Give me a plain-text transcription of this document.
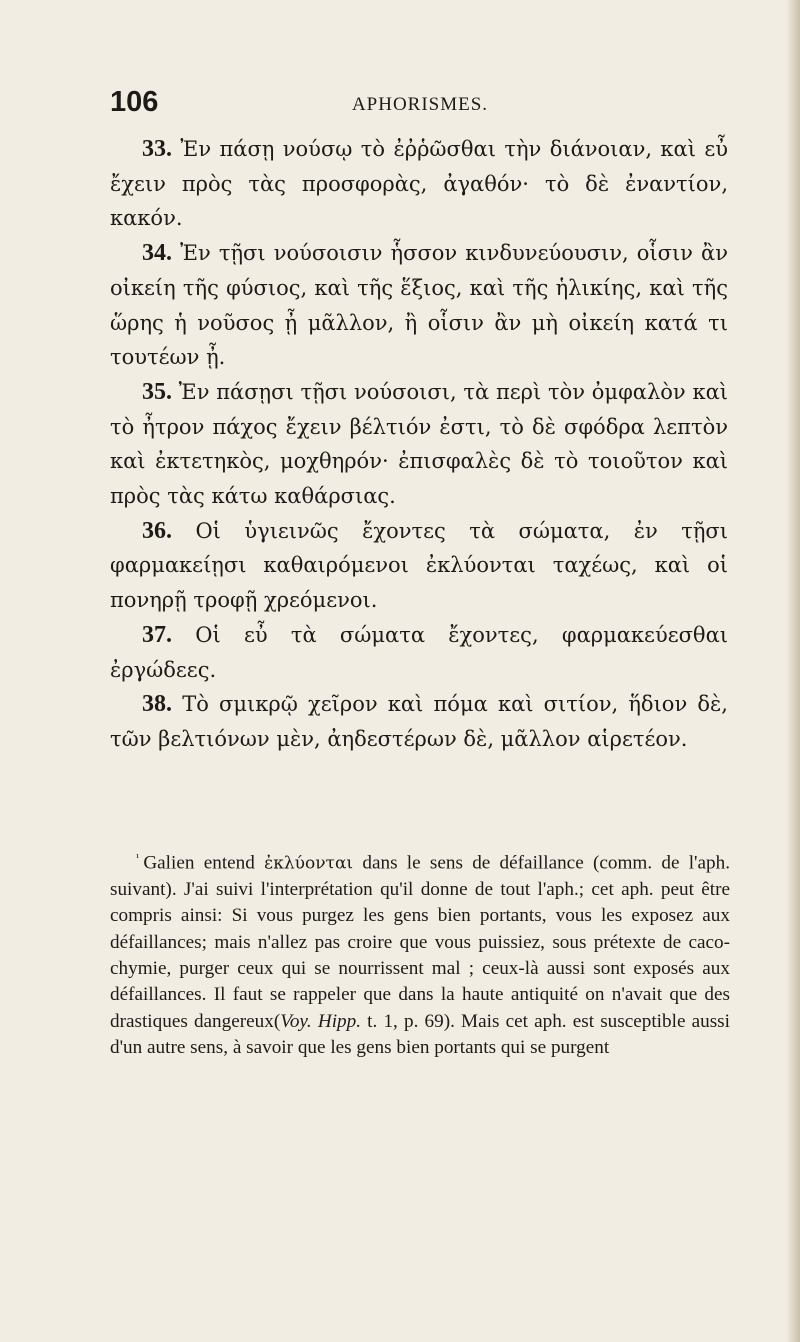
106	APHORISMES.

33. Ἐν πάσῃ νούσῳ τὸ ἐῤῥῶσθαι τὴν διάνοιαν, καὶ εὖ ἔχειν πρὸς τὰς προσφορὰς, ἀγαθόν· τὸ δὲ ἐναντίον, κακόν.

34. Ἐν τῇσι νούσοισιν ἧσσον κινδυνεύουσιν, οἷσιν ἂν οἰκείη τῆς φύσιος, καὶ τῆς ἕξιος, καὶ τῆς ἡλικίης, καὶ τῆς ὥρης ἡ νοῦσος ᾖ μᾶλλον, ἢ οἷσιν ἂν μὴ οἰκείη κατά τι τουτέων ᾖ.

35. Ἐν πάσῃσι τῇσι νούσοισι, τὰ περὶ τὸν ὀμφαλὸν καὶ τὸ ἦτρον πάχος ἔχειν βέλτιόν ἐστι, τὸ δὲ σφόδρα λεπτὸν καὶ ἐκτετηκὸς, μοχθηρόν· ἐπισφαλὲς δὲ τὸ τοιοῦτον καὶ πρὸς τὰς κάτω καθάρσιας.

36. Οἱ ὑγιεινῶς ἔχοντες τὰ σώματα, ἐν τῇσι φαρμακείῃσι καθαιρόμενοι ἐκλύονται ταχέως, καὶ οἱ πονηρῇ τροφῇ χρεόμενοι.

37. Οἱ εὖ τὰ σώματα ἔχοντες, φαρμακεύεσθαι ἐργώδεες.

38. Τὸ σμικρῷ χεῖρον καὶ πόμα καὶ σιτίον, ἥδιον δὲ, τῶν βελτιόνων μὲν, ἀηδεστέρων δὲ, μᾶλλον αἱρετέον.

$^{^1}$ Galien entend ἐκλύονται dans le sens de défaillance (comm. de l'aph. suivant). J'ai suivi l'interprétation qu'il donne de tout l'aph.; cet aph. peut être compris ainsi: Si vous purgez les gens bien portants, vous les exposez aux défaillances; mais n'allez pas croire que vous puissiez, sous prétexte de caco-chymie, purger ceux qui se nourrissent mal ; ceux-là aussi sont exposés aux défaillances. Il faut se rappeler que dans la haute antiquité on n'avait que des drastiques dangereux(Voy. Hipp. t. 1, p. 69). Mais cet aph. est susceptible aussi d'un autre sens, à savoir que les gens bien portants qui se purgent
